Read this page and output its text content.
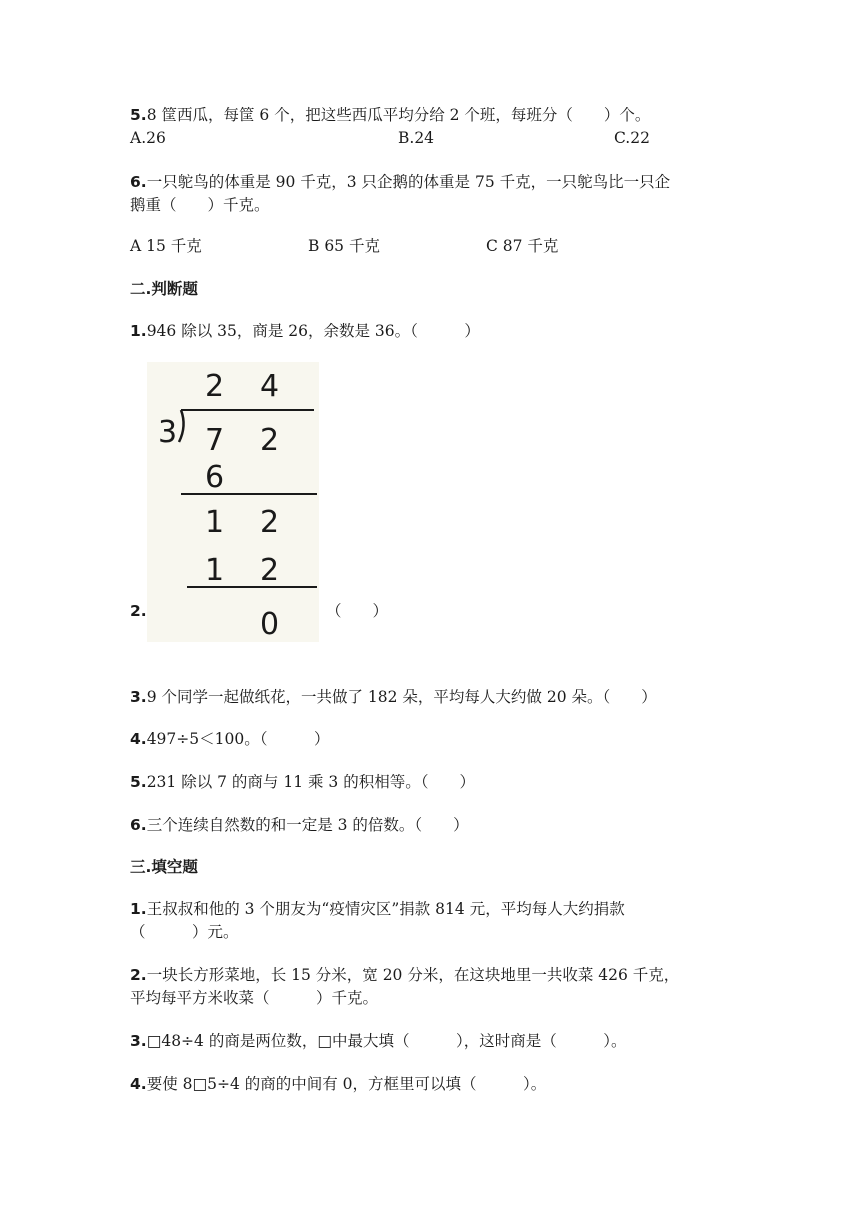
5.8 筐西瓜，每筐 6 个，把这些西瓜平均分给 2 个班，每班分（　　）个。
A.26	B.24	C.22
6.一只鸵鸟的体重是 90 千克，3 只企鹅的体重是 75 千克，一只鸵鸟比一只企
鹅重（　　）千克。
A 15 千克	B 65 千克	C 87 千克
二.判断题
1.946 除以 35，商是 26，余数是 36。（　　　）
2 4
3 7 2
6
1 2
1 2
0
2.	（　　）
3.9 个同学一起做纸花，一共做了 182 朵，平均每人大约做 20 朵。（　　）
4.497÷5＜100。（　　　）
5.231 除以 7 的商与 11 乘 3 的积相等。（　　）
6.三个连续自然数的和一定是 3 的倍数。（　　）
三.填空题
1.王叔叔和他的 3 个朋友为“疫情灾区”捐款 814 元，平均每人大约捐款
（　　　）元。
2.一块长方形菜地，长 15 分米，宽 20 分米，在这块地里一共收菜 426 千克，
平均每平方米收菜（　　　）千克。
3.□48÷4 的商是两位数，□中最大填（　　　），这时商是（　　　）。
4.要使 8□5÷4 的商的中间有 0，方框里可以填（　　　）。
